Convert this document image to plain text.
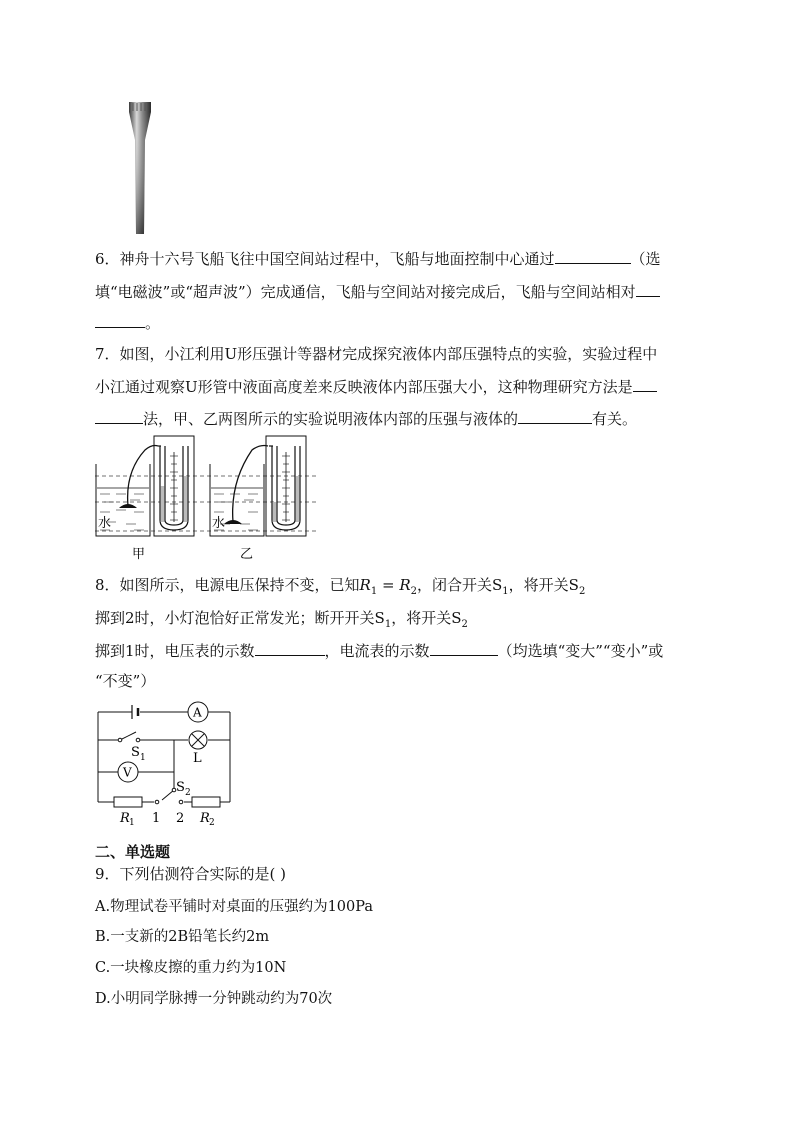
6．神舟十六号飞船飞往中国空间站过程中，飞船与地面控制中心通过	（选
填“电磁波”或“超声波”）完成通信，飞船与空间站对接完成后，飞船与空间站相对
。
7．如图，小江利用U形压强计等器材完成探究液体内部压强特点的实验，实验过程中
小江通过观察U形管中液面高度差来反映液体内部压强大小，这种物理研究方法是
法，甲、乙两图所示的实验说明液体内部的压强与液体的	有关。
水
甲
水
乙
8．如图所示，电源电压保持不变，已知$R_1 = R_2$，闭合开关$S_1$，将开关$S_2$
掷到2时，小灯泡恰好正常发光；断开开关$S_1$，将开关$S_2$
掷到1时，电压表的示数	，电流表的示数	（均选填“变大”“变小”或
“不变”）
A
V
L
S 1
S 2
R 1 1 2 R 2
二、单选题
9．下列估测符合实际的是( )
A.物理试卷平铺时对桌面的压强约为100Pa
B.一支新的2B铅笔长约2m
C.一块橡皮擦的重力约为10N
D.小明同学脉搏一分钟跳动约为70次
